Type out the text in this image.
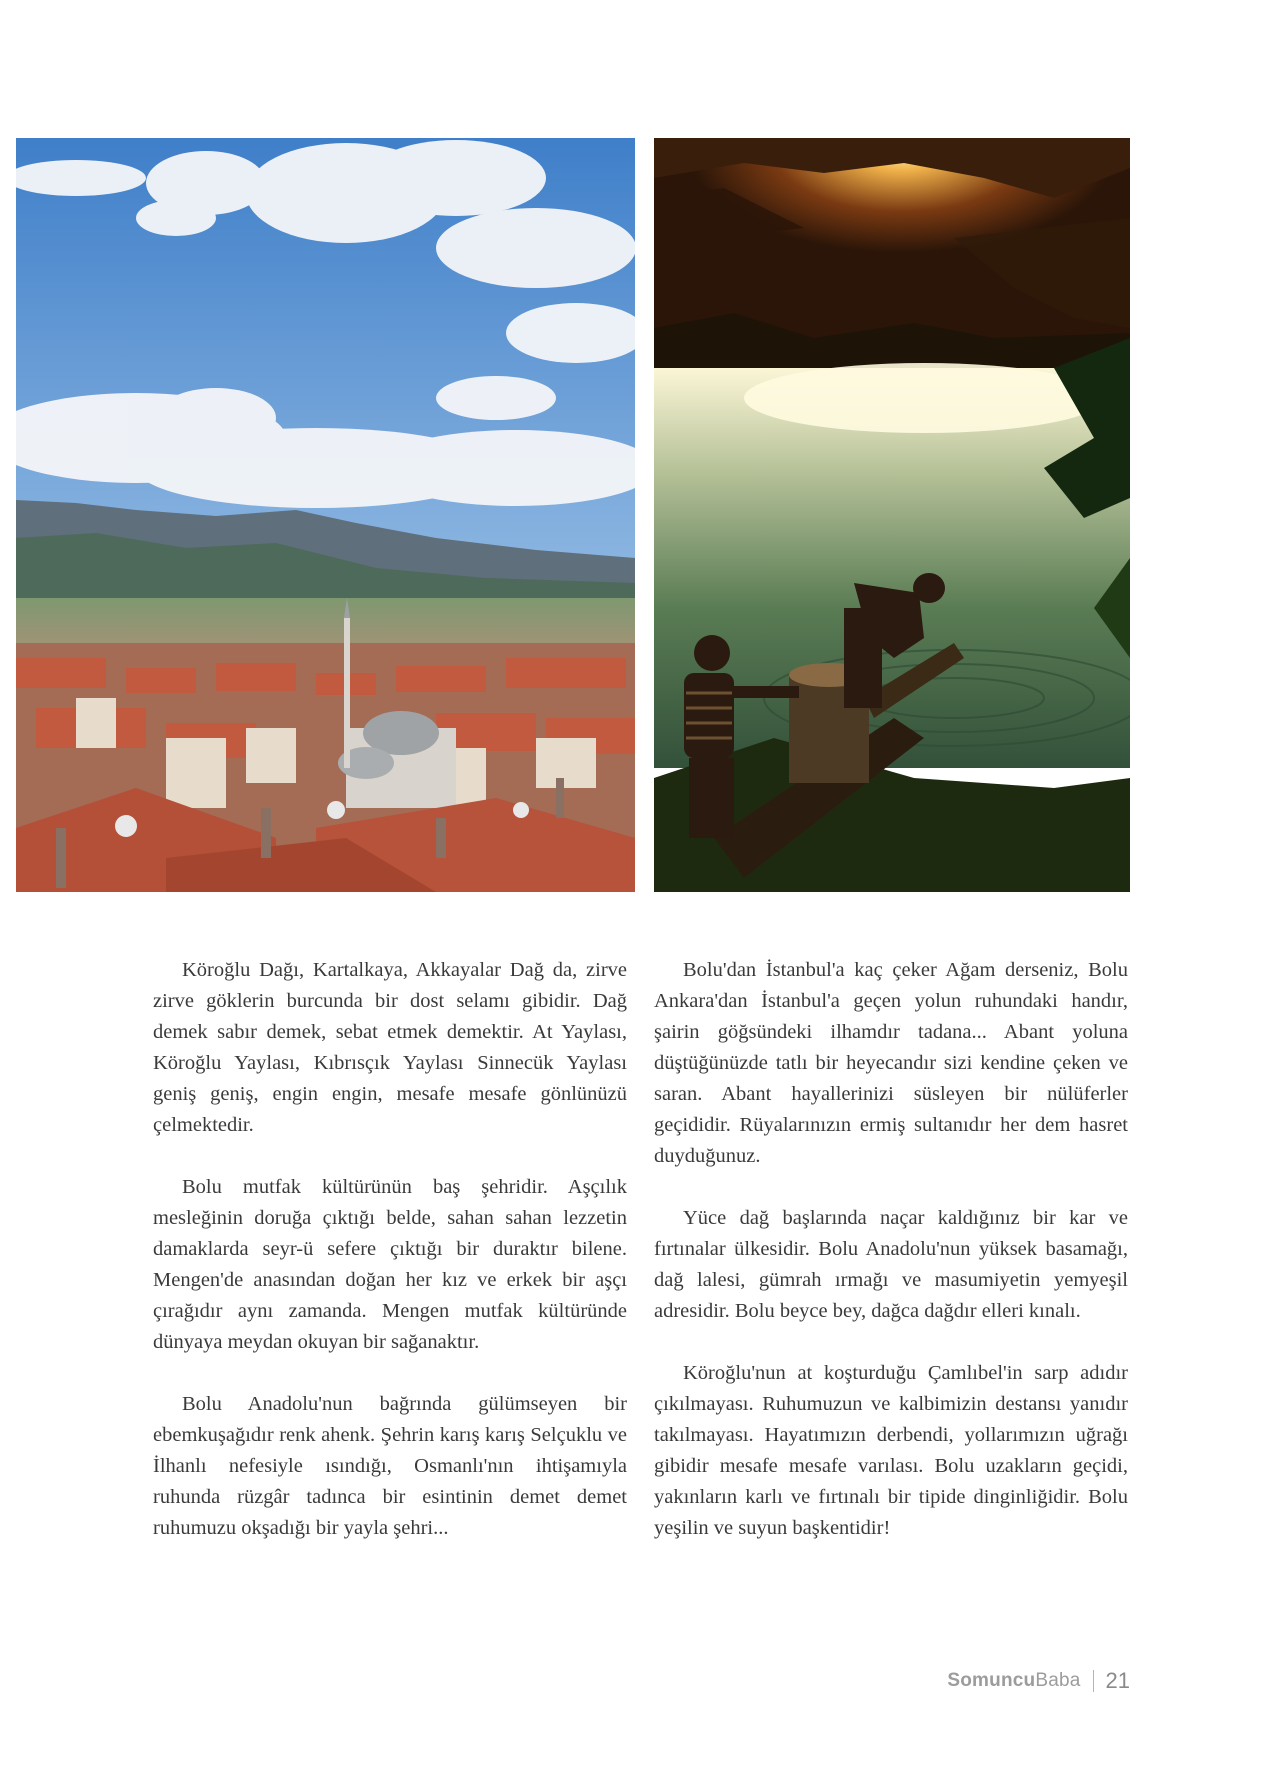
Köroğlu Dağı, Kartalkaya, Akkayalar Dağ da, zirve zirve göklerin burcunda bir dost selamı gibidir. Dağ demek sabır demek, sebat etmek demektir. At Yaylası, Köroğlu Yaylası, Kıbrısçık Yaylası Sinnecük Yaylası geniş geniş, engin engin, mesafe mesafe gönlünüzü çelmektedir.

Bolu mutfak kültürünün baş şehridir. Aşçılık mesleğinin doruğa çıktığı belde, sahan sahan lezzetin damaklarda seyr-ü sefere çıktığı bir duraktır bilene. Mengen'de anasından doğan her kız ve erkek bir aşçı çırağıdır aynı zamanda. Mengen mutfak kültüründe dünyaya meydan okuyan bir sağanaktır.

Bolu Anadolu'nun bağrında gülümseyen bir ebemkuşağıdır renk ahenk. Şehrin karış karış Selçuklu ve İlhanlı nefesiyle ısındığı, Osmanlı'nın ihtişamıyla ruhunda rüzgâr tadınca bir esintinin demet demet ruhumuzu okşadığı bir yayla şehri...

Bolu'dan İstanbul'a kaç çeker Ağam derseniz, Bolu Ankara'dan İstanbul'a geçen yolun ruhundaki handır, şairin göğsündeki ilhamdır tadana... Abant yoluna düştüğünüzde tatlı bir heyecandır sizi kendine çeken ve saran. Abant hayallerinizi süsleyen bir nülüferler geçididir. Rüyalarınızın ermiş sultanıdır her dem hasret duyduğunuz.

Yüce dağ başlarında naçar kaldığınız bir kar ve fırtınalar ülkesidir. Bolu Anadolu'nun yüksek basamağı, dağ lalesi, gümrah ırmağı ve masumiyetin yemyeşil adresidir. Bolu beyce bey, dağca dağdır elleri kınalı.

Köroğlu'nun at koşturduğu Çamlıbel'in sarp adıdır çıkılmayası. Ruhumuzun ve kalbimizin destansı yanıdır takılmayası. Hayatımızın derbendi, yollarımızın uğrağı gibidir mesafe mesafe varılası. Bolu uzakların geçidi, yakınların karlı ve fırtınalı bir tipide dinginliğidir. Bolu yeşilin ve suyun başkentidir!

SomuncuBaba 21
